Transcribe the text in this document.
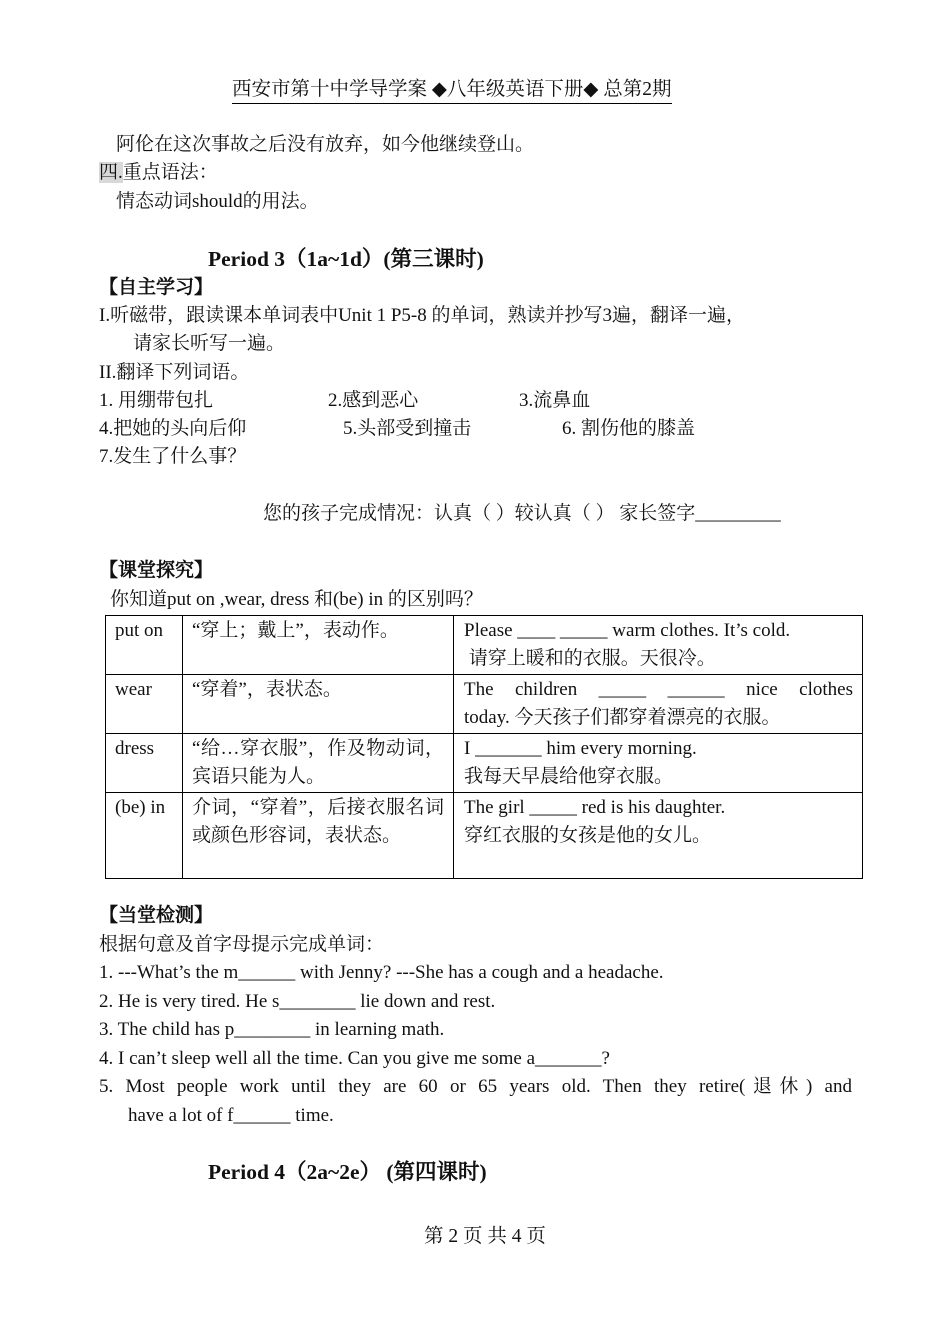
西安市第十中学导学案 ◆八年级英语下册◆ 总第2期
阿伦在这次事故之后没有放弃，如今他继续登山。
四.重点语法：
情态动词should的用法。
Period 3（1a~1d）(第三课时)
【自主学习】
I.听磁带，跟读课本单词表中Unit 1 P5-8 的单词，熟读并抄写3遍，翻译一遍，
请家长听写一遍。
II.翻译下列词语。
1. 用绷带包扎	2.感到恶心	3.流鼻血
4.把她的头向后仰	5.头部受到撞击	6. 割伤他的膝盖
7.发生了什么事？
您的孩子完成情况：认真（ ）较认真（ ） 家长签字_________
【课堂探究】
你知道put on ,wear, dress 和(be) in 的区别吗？
put on	“穿上；戴上”，表动作。	Please ____ _____ warm clothes. It’s cold.
请穿上暖和的衣服。天很冷。

wear	“穿着”，表状态。	The children _____ ______ nice clothes
today. 今天孩子们都穿着漂亮的衣服。

dress	“给…穿衣服”，作及物动词，宾语只能为人。	I _______ him every morning.
我每天早晨给他穿衣服。

(be) in	介词，“穿着”，后接衣服名词或颜色形容词，表状态。	The girl _____ red is his daughter.
穿红衣服的女孩是他的女儿。
【当堂检测】
根据句意及首字母提示完成单词：
1. ---What’s the m______ with Jenny? ---She has a cough and a headache.
2. He is very tired. He s________ lie down and rest.
3. The child has p________ in learning math.
4. I can’t sleep well all the time. Can you give me some a_______?
5. Most people work until they are 60 or 65 years old. Then they retire(退休) and
have a lot of f______ time.
Period 4（2a~2e） (第四课时)
第 2 页 共 4 页
